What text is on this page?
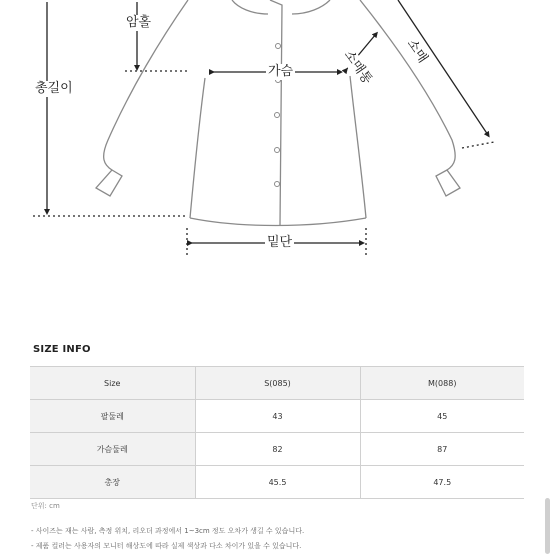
암홀
총길이
가슴	소매통 소매
밑단
SIZE INFO
Size	S(085)	M(088)
팔둘레	43	45
가슴둘레	82	87
총장	45.5	47.5
단위: cm
- 사이즈는 재는 사람, 측정 위치, 리오더 과정에서 1~3cm 정도 오차가 생길 수 있습니다.
- 제품 컬러는 사용자의 모니터 해상도에 따라 실제 색상과 다소 차이가 있을 수 있습니다.
